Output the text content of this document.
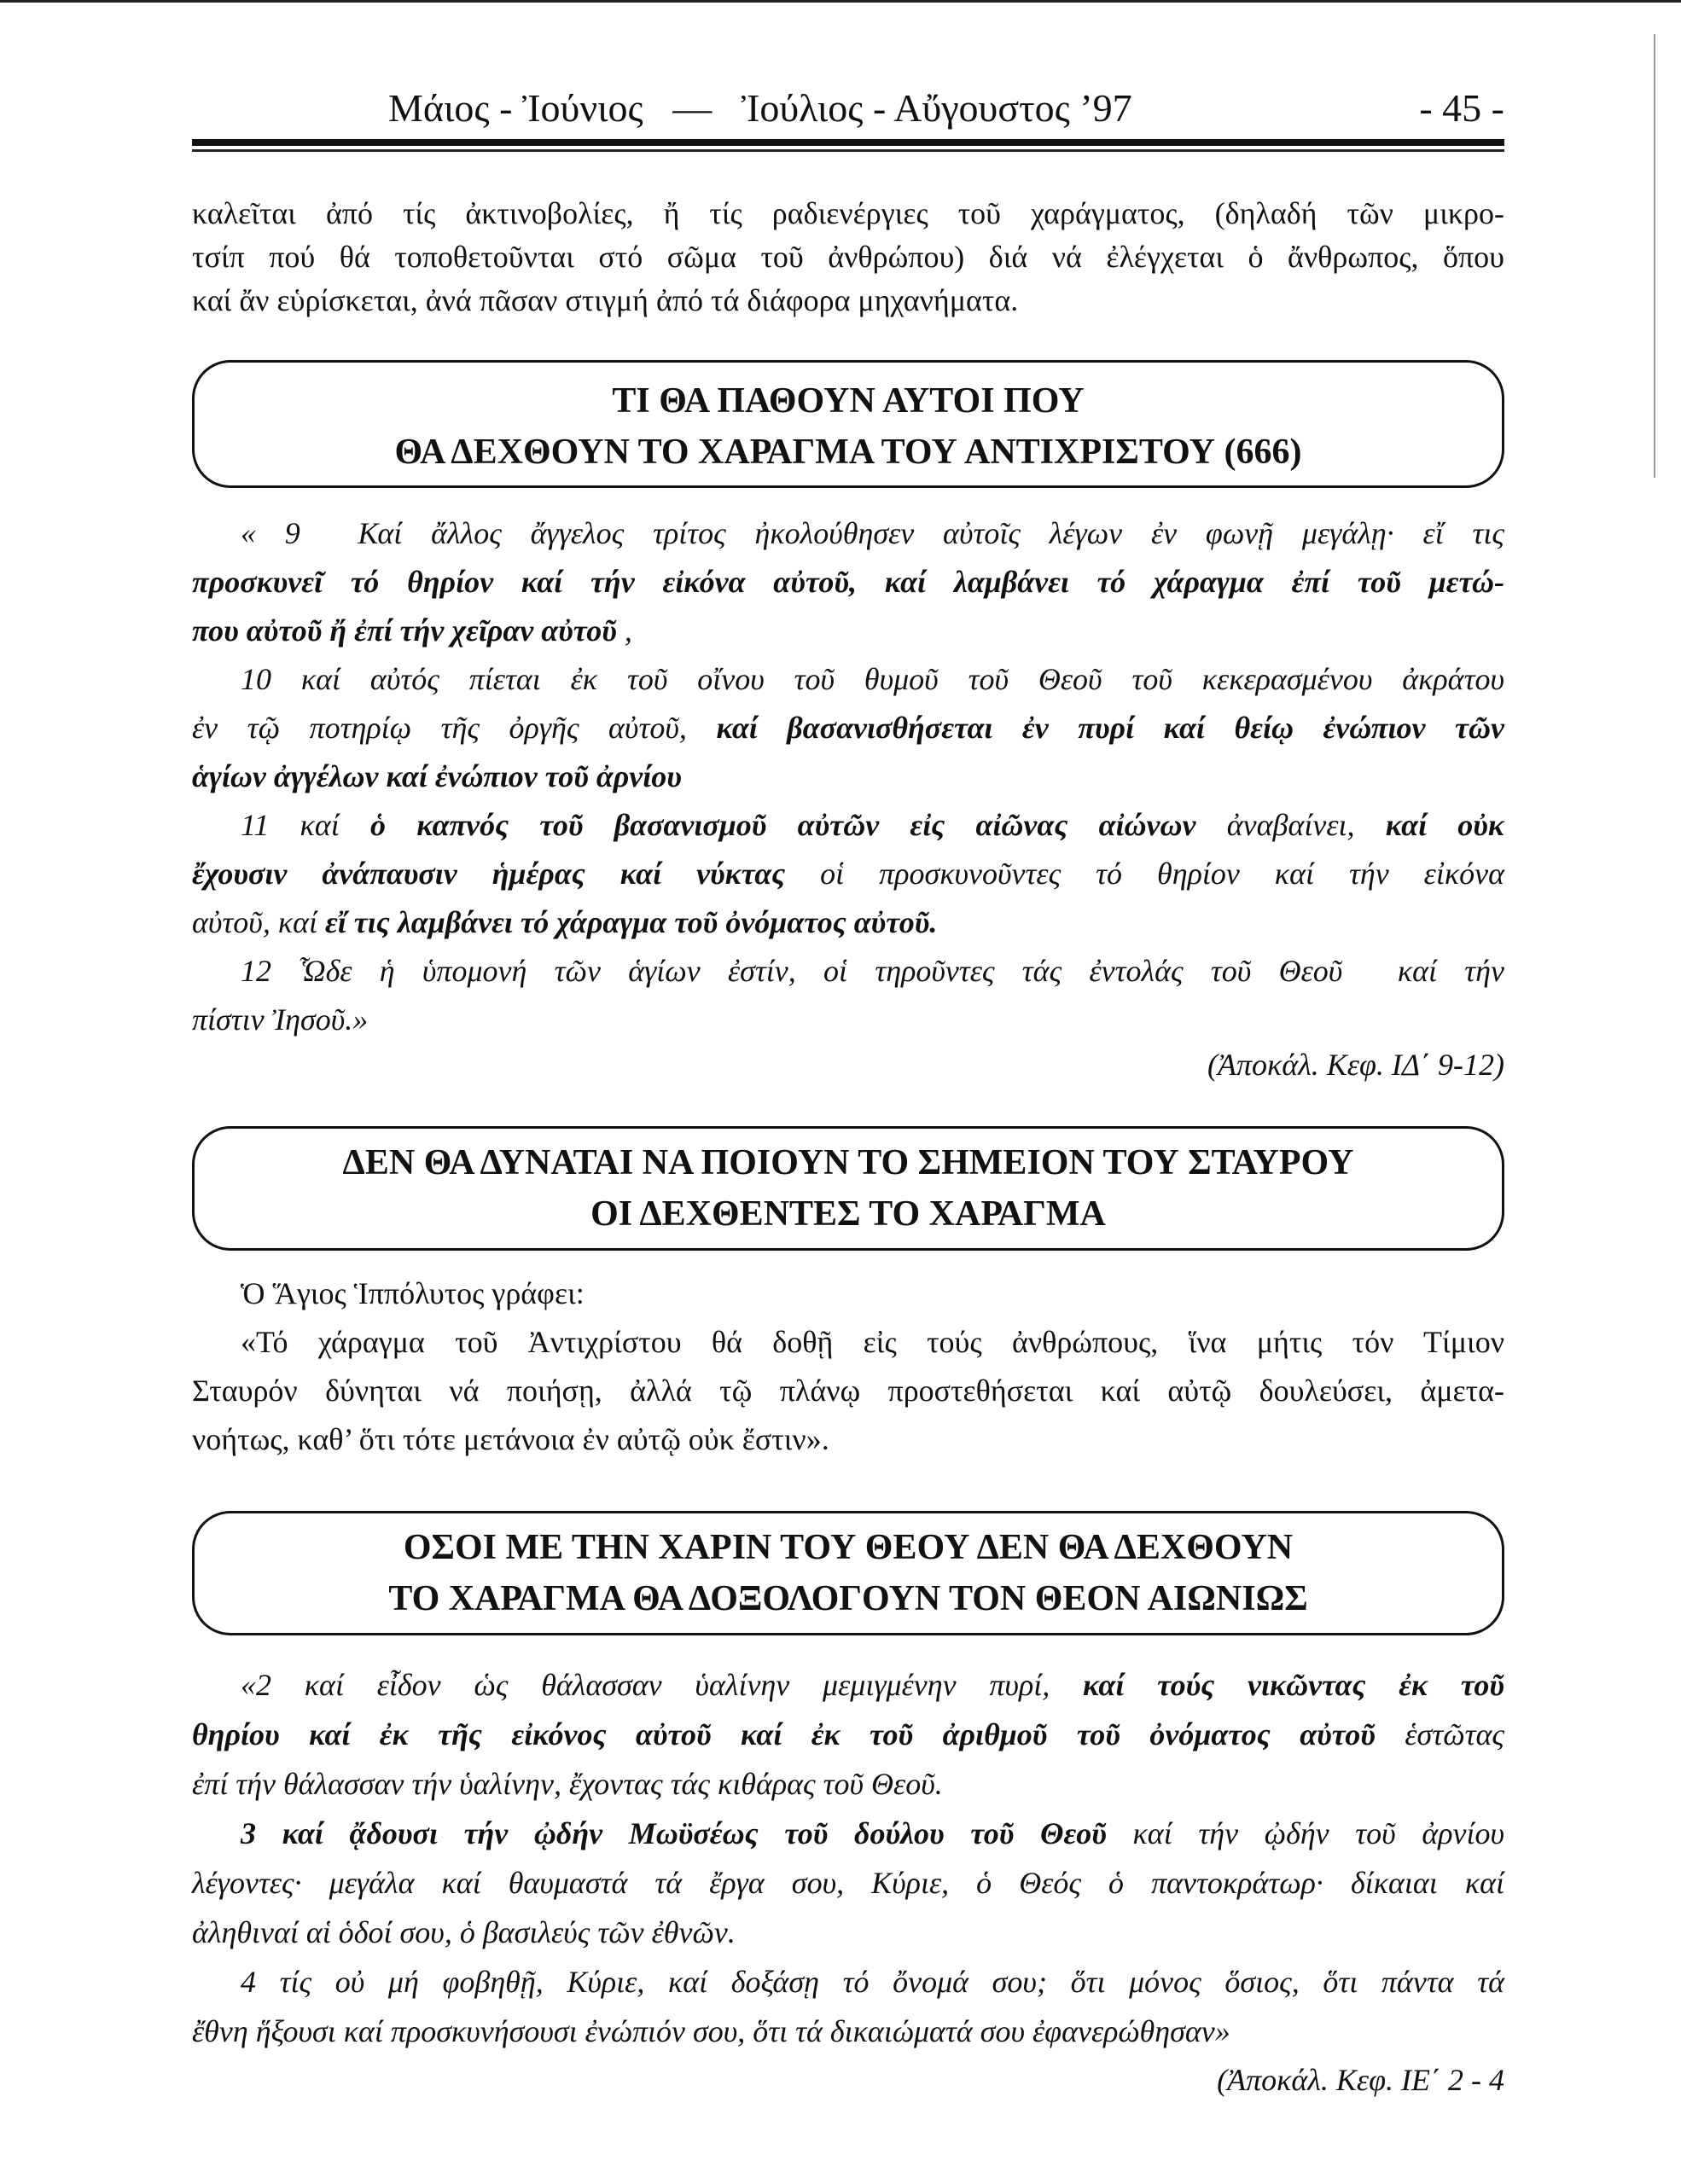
Μάιος - Ἰούνιος   —   Ἰούλιος - Αὔγουστος ’97	- 45 -
καλεῖται ἀπό τίς ἀκτινοβολίες, ἤ τίς ραδιενέργιες τοῦ χαράγματος, (δηλαδή τῶν μικρο-
τσίπ πού θά τοποθετοῦνται στό σῶμα τοῦ ἀνθρώπου) διά νά ἐλέγχεται ὁ ἄνθρωπος, ὅπου
καί ἄν εὑρίσκεται, ἀνά πᾶσαν στιγμή ἀπό τά διάφορα μηχανήματα.
ΤΙ ΘΑ ΠΑΘΟΥΝ ΑΥΤΟΙ ΠΟΥ
ΘΑ ΔΕΧΘΟΥΝ ΤΟ ΧΑΡΑΓΜΑ ΤΟΥ ΑΝΤΙΧΡΙΣΤΟΥ (666)
« 9  Καί ἄλλος ἄγγελος τρίτος ἠκολούθησεν αὐτοῖς λέγων ἐν φωνῇ μεγάλῃ· εἴ τις
προσκυνεῖ τό θηρίον καί τήν εἰκόνα αὐτοῦ, καί λαμβάνει τό χάραγμα ἐπί τοῦ μετώ-
που αὐτοῦ ἤ ἐπί τήν χεῖραν αὐτοῦ ,
10 καί αὐτός πίεται ἐκ τοῦ οἴνου τοῦ θυμοῦ τοῦ Θεοῦ τοῦ κεκερασμένου ἀκράτου
ἐν τῷ ποτηρίῳ τῆς ὀργῆς αὐτοῦ, καί βασανισθήσεται ἐν πυρί καί θείῳ ἐνώπιον τῶν
ἁγίων ἀγγέλων καί ἐνώπιον τοῦ ἀρνίου
11 καί ὁ καπνός τοῦ βασανισμοῦ αὐτῶν εἰς αἰῶνας αἰώνων ἀναβαίνει, καί οὐκ
ἔχουσιν ἀνάπαυσιν ἡμέρας καί νύκτας οἱ προσκυνοῦντες τό θηρίον καί τήν εἰκόνα
αὐτοῦ, καί εἴ τις λαμβάνει τό χάραγμα τοῦ ὀνόματος αὐτοῦ.
12 Ὧδε ἡ ὑπομονή τῶν ἁγίων ἐστίν, οἱ τηροῦντες τάς ἐντολάς τοῦ Θεοῦ  καί τήν
πίστιν Ἰησοῦ.»
(Ἀποκάλ. Κεφ. ΙΔ΄ 9-12)
ΔΕΝ ΘΑ ΔΥΝΑΤΑΙ ΝΑ ΠΟΙΟΥΝ ΤΟ ΣΗΜΕΙΟΝ ΤΟΥ ΣΤΑΥΡΟΥ
ΟΙ ΔΕΧΘΕΝΤΕΣ ΤΟ ΧΑΡΑΓΜΑ
Ὁ Ἅγιος Ἱππόλυτος γράφει:
«Τό χάραγμα τοῦ Ἀντιχρίστου θά δοθῇ εἰς τούς ἀνθρώπους, ἵνα μήτις τόν Τίμιον
Σταυρόν δύνηται νά ποιήσῃ, ἀλλά τῷ πλάνῳ προστεθήσεται καί αὐτῷ δουλεύσει, ἀμετα-
νοήτως, καθ’ ὅτι τότε μετάνοια ἐν αὐτῷ οὐκ ἔστιν».
ΟΣΟΙ ΜΕ ΤΗΝ ΧΑΡΙΝ ΤΟΥ ΘΕΟΥ ΔΕΝ ΘΑ ΔΕΧΘΟΥΝ
ΤΟ ΧΑΡΑΓΜΑ ΘΑ ΔΟΞΟΛΟΓΟΥΝ ΤΟΝ ΘΕΟΝ ΑΙΩΝΙΩΣ
«2 καί εἶδον ὡς θάλασσαν ὑαλίνην μεμιγμένην πυρί, καί τούς νικῶντας ἐκ τοῦ
θηρίου καί ἐκ τῆς εἰκόνος αὐτοῦ καί ἐκ τοῦ ἀριθμοῦ τοῦ ὀνόματος αὐτοῦ ἑστῶτας
ἐπί τήν θάλασσαν τήν ὑαλίνην, ἔχοντας τάς κιθάρας τοῦ Θεοῦ.
3 καί ᾄδουσι τήν ᾠδήν Μωϋσέως τοῦ δούλου τοῦ Θεοῦ καί τήν ᾠδήν τοῦ ἀρνίου
λέγοντες· μεγάλα καί θαυμαστά τά ἔργα σου, Κύριε, ὁ Θεός ὁ παντοκράτωρ· δίκαιαι καί
ἀληθιναί αἱ ὁδοί σου, ὁ βασιλεύς τῶν ἐθνῶν.
4 τίς οὐ μή φοβηθῇ, Κύριε, καί δοξάσῃ τό ὄνομά σου; ὅτι μόνος ὅσιος, ὅτι πάντα τά
ἔθνη ἥξουσι καί προσκυνήσουσι ἐνώπιόν σου, ὅτι τά δικαιώματά σου ἐφανερώθησαν»
(Ἀποκάλ. Κεφ. ΙΕ΄ 2 - 4
